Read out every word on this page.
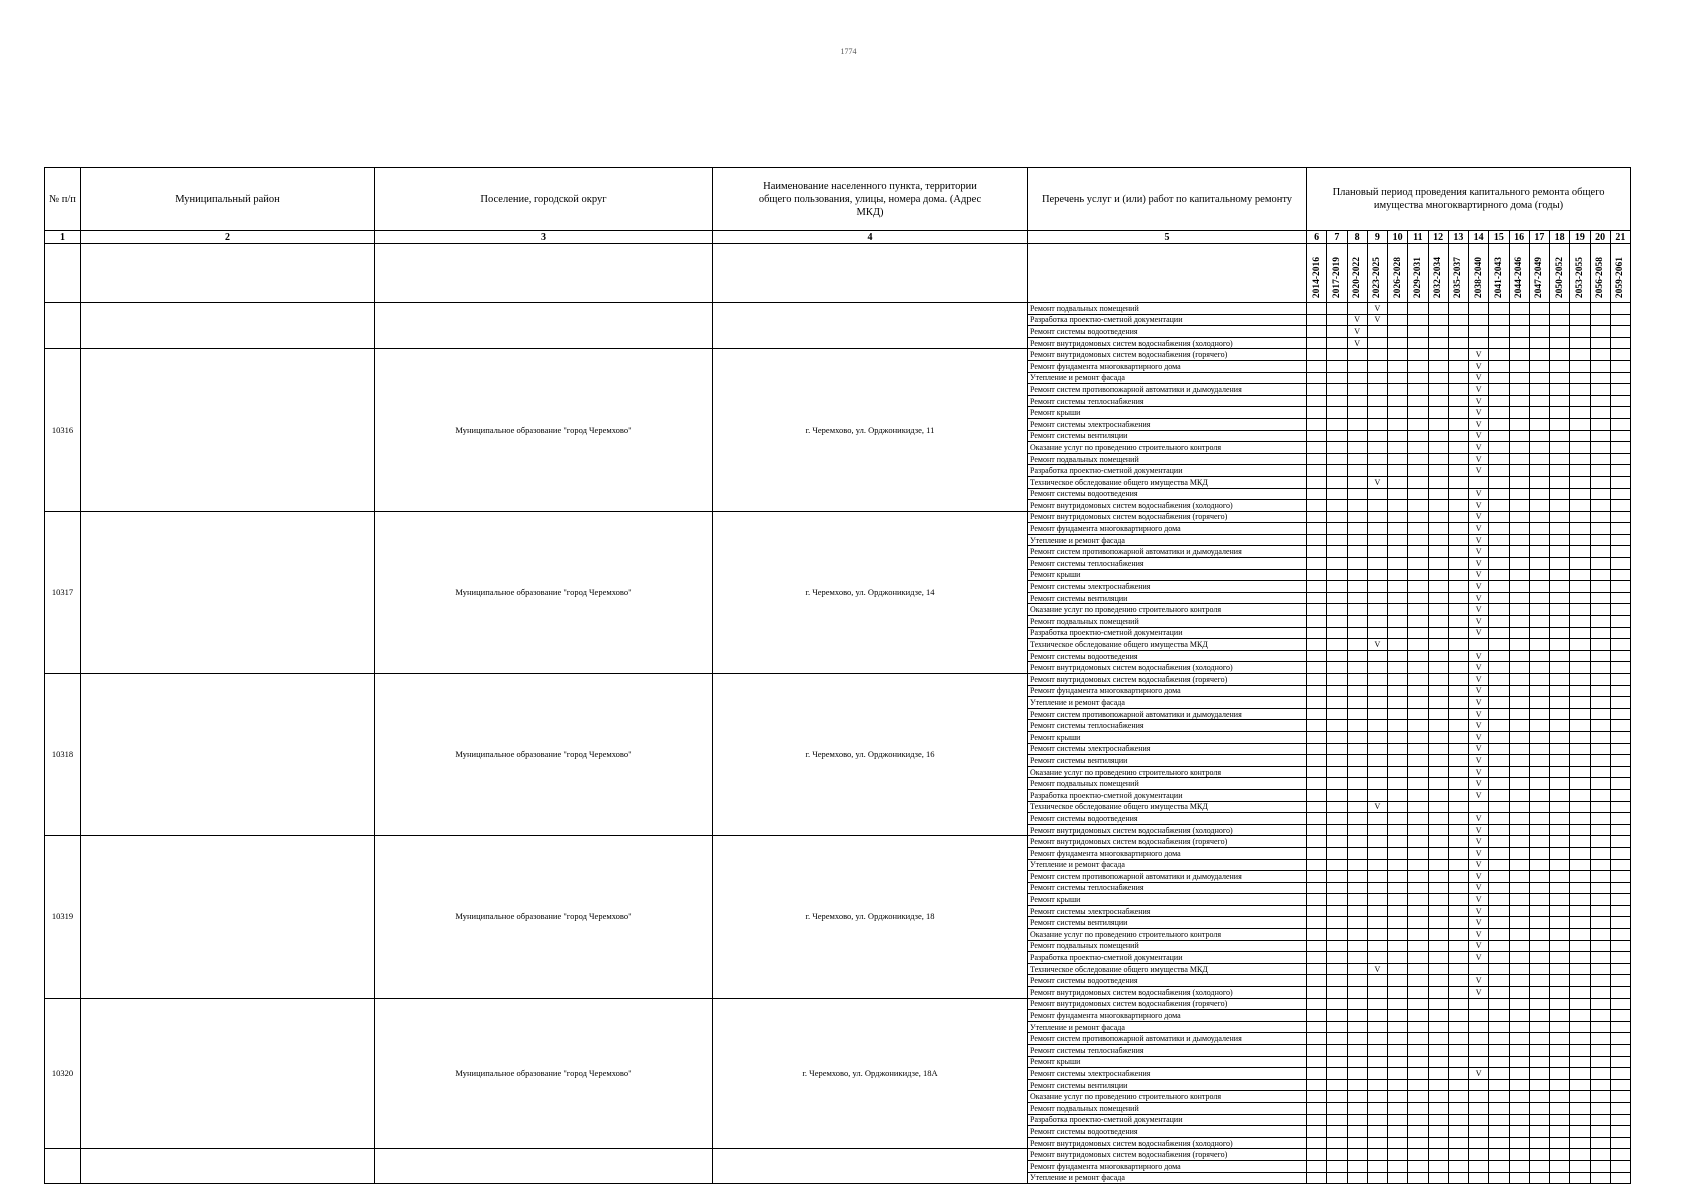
1774
№ п/п	Муниципальный район	Поселение, городской округ	Наименование населенного пункта, территории общего пользования, улицы, номера дома. (Адрес МКД)	Перечень услуг и (или) работ по капитальному ремонту	Плановый период проведения капитального ремонта общего имущества многоквартирного дома (годы)															
1	2	3	4	5	6	7	8	9	10	11	12	13	14	15	16	17	18	19	20	21
					2014-2016	2017-2019	2020-2022	2023-2025	2026-2028	2029-2031	2032-2034	2035-2037	2038-2040	2041-2043	2044-2046	2047-2049	2050-2052	2053-2055	2056-2058	2059-2061
				Ремонт подвальных помещений				V												
				Разработка проектно-сметной документации			V	V												
				Ремонт системы водоотведения			V													
				Ремонт внутридомовых систем водоснабжения (холодного)			V													
10316		Муниципальное образование "город Черемхово"	г. Черемхово, ул. Орджоникидзе, 11	Ремонт внутридомовых систем водоснабжения (горячего)									V							
				Ремонт фундамента многоквартирного дома									V							
				Утепление и ремонт фасада									V							
				Ремонт систем противопожарной автоматики и дымоудаления									V							
				Ремонт системы теплоснабжения									V							
				Ремонт крыши									V							
				Ремонт системы электроснабжения									V							
				Ремонт системы вентиляции									V							
				Оказание услуг по проведению строительного контроля									V							
				Ремонт подвальных помещений									V							
				Разработка проектно-сметной документации									V							
				Техническое обследование общего имущества МКД				V												
				Ремонт системы водоотведения									V							
				Ремонт внутридомовых систем водоснабжения (холодного)									V							
10317		Муниципальное образование "город Черемхово"	г. Черемхово, ул. Орджоникидзе, 14	Ремонт внутридомовых систем водоснабжения (горячего)									V							
				Ремонт фундамента многоквартирного дома									V							
				Утепление и ремонт фасада									V							
				Ремонт систем противопожарной автоматики и дымоудаления									V							
				Ремонт системы теплоснабжения									V							
				Ремонт крыши									V							
				Ремонт системы электроснабжения									V							
				Ремонт системы вентиляции									V							
				Оказание услуг по проведению строительного контроля									V							
				Ремонт подвальных помещений									V							
				Разработка проектно-сметной документации									V							
				Техническое обследование общего имущества МКД				V												
				Ремонт системы водоотведения									V							
				Ремонт внутридомовых систем водоснабжения (холодного)									V							
10318		Муниципальное образование "город Черемхово"	г. Черемхово, ул. Орджоникидзе, 16	Ремонт внутридомовых систем водоснабжения (горячего)									V							
				Ремонт фундамента многоквартирного дома									V							
				Утепление и ремонт фасада									V							
				Ремонт систем противопожарной автоматики и дымоудаления									V							
				Ремонт системы теплоснабжения									V							
				Ремонт крыши									V							
				Ремонт системы электроснабжения									V							
				Ремонт системы вентиляции									V							
				Оказание услуг по проведению строительного контроля									V							
				Ремонт подвальных помещений									V							
				Разработка проектно-сметной документации									V							
				Техническое обследование общего имущества МКД				V												
				Ремонт системы водоотведения									V							
				Ремонт внутридомовых систем водоснабжения (холодного)									V							
10319		Муниципальное образование "город Черемхово"	г. Черемхово, ул. Орджоникидзе, 18	Ремонт внутридомовых систем водоснабжения (горячего)									V							
				Ремонт фундамента многоквартирного дома									V							
				Утепление и ремонт фасада									V							
				Ремонт систем противопожарной автоматики и дымоудаления									V							
				Ремонт системы теплоснабжения									V							
				Ремонт крыши									V							
				Ремонт системы электроснабжения									V							
				Ремонт системы вентиляции									V							
				Оказание услуг по проведению строительного контроля									V							
				Ремонт подвальных помещений									V							
				Разработка проектно-сметной документации									V							
				Техническое обследование общего имущества МКД				V												
				Ремонт системы водоотведения									V							
				Ремонт внутридомовых систем водоснабжения (холодного)									V							
10320		Муниципальное образование "город Черемхово"	г. Черемхово, ул. Орджоникидзе, 18А	Ремонт внутридомовых систем водоснабжения (горячего)																
				Ремонт фундамента многоквартирного дома																
				Утепление и ремонт фасада																
				Ремонт систем противопожарной автоматики и дымоудаления																
				Ремонт системы теплоснабжения																
				Ремонт крыши																
				Ремонт системы электроснабжения									V							
				Ремонт системы вентиляции																
				Оказание услуг по проведению строительного контроля																
				Ремонт подвальных помещений																
				Разработка проектно-сметной документации																
				Ремонт системы водоотведения																
				Ремонт внутридомовых систем водоснабжения (холодного)																
				Ремонт внутридомовых систем водоснабжения (горячего)																
				Ремонт фундамента многоквартирного дома																
				Утепление и ремонт фасада																
